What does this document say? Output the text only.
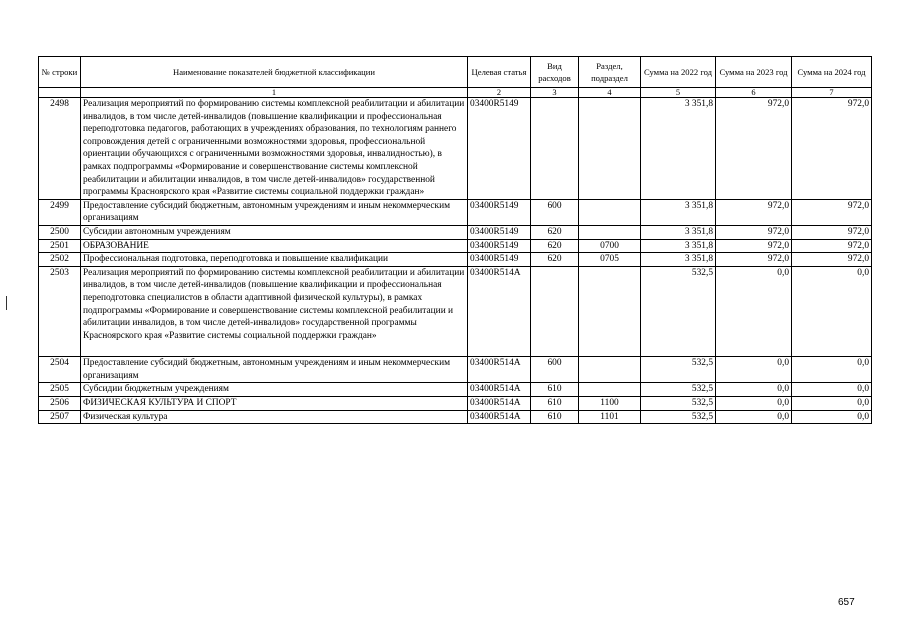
№ строки	Наименование показателей бюджетной классификации	Целевая статья	Вид расходов	Раздел, подраздел	Сумма на 2022 год	Сумма на 2023 год	Сумма на 2024 год
	1	2	3	4	5	6	7
2498	Реализация мероприятий по формированию системы комплексной реабилитации и абилитации инвалидов, в том числе детей-инвалидов (повышение квалификации и профессиональная переподготовка педагогов, работающих в учреждениях образования, по технологиям раннего сопровождения детей с ограниченными возможностями здоровья, профессиональной ориентации обучающихся с ограниченными возможностями здоровья, инвалидностью), в рамках подпрограммы «Формирование и совершенствование системы комплексной реабилитации и абилитации инвалидов, в том числе детей-инвалидов» государственной программы Красноярского края «Развитие системы социальной поддержки граждан»	03400R5149			3 351,8	972,0	972,0
2499	Предоставление субсидий бюджетным, автономным учреждениям и иным некоммерческим организациям	03400R5149	600		3 351,8	972,0	972,0
2500	Субсидии автономным учреждениям	03400R5149	620		3 351,8	972,0	972,0
2501	ОБРАЗОВАНИЕ	03400R5149	620	0700	3 351,8	972,0	972,0
2502	Профессиональная подготовка, переподготовка и повышение квалификации	03400R5149	620	0705	3 351,8	972,0	972,0
2503	Реализация мероприятий по формированию системы комплексной реабилитации и абилитации инвалидов, в том числе детей-инвалидов (повышение квалификации и профессиональная переподготовка специалистов в области адаптивной физической культуры), в рамках подпрограммы «Формирование и совершенствование системы комплексной реабилитации и абилитации инвалидов, в том числе детей-инвалидов» государственной программы Красноярского края «Развитие системы социальной поддержки граждан»	03400R514A			532,5	0,0	0,0
2504	Предоставление субсидий бюджетным, автономным учреждениям и иным некоммерческим организациям	03400R514A	600		532,5	0,0	0,0
2505	Субсидии бюджетным учреждениям	03400R514A	610		532,5	0,0	0,0
2506	ФИЗИЧЕСКАЯ КУЛЬТУРА И СПОРТ	03400R514A	610	1100	532,5	0,0	0,0
2507	Физическая культура	03400R514A	610	1101	532,5	0,0	0,0
657
